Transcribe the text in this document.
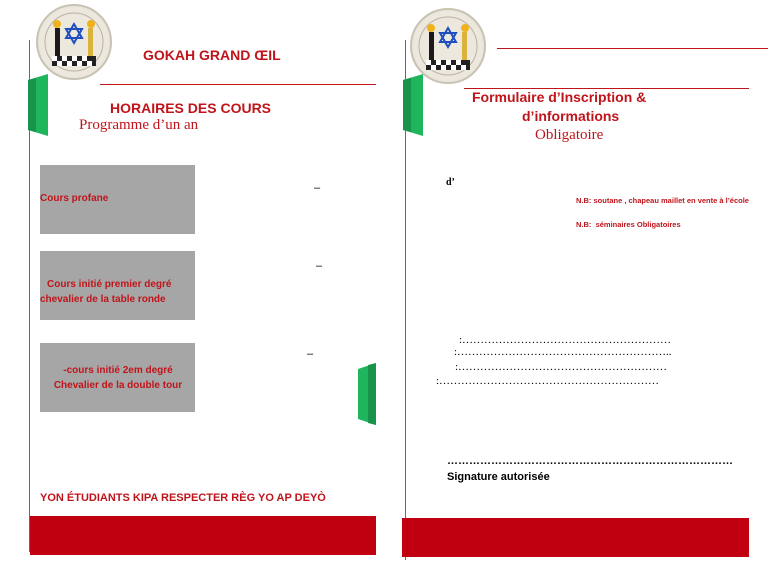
GOKAH GRAND ŒIL
HORAIRES DES COURS
Programme d’un an
Cours profane
–
Cours initié premier degré chevalier de la table ronde
–
-cours initié 2em degré Chevalier de la double tour
–
YON ÉTUDIANTS KIPA RESPECTER RÈG YO AP DEYÒ
Formulaire d’Inscription &
d’informations
Obligatoire
d’
N.B: soutane , chapeau maillet en vente à l’école
N.B:  séminaires Obligatoires
:…………………………………………………
:…………………………………………………..
:…………………………………………………
:……………………………………………………
……………………………………………………………………
Signature autorisée
